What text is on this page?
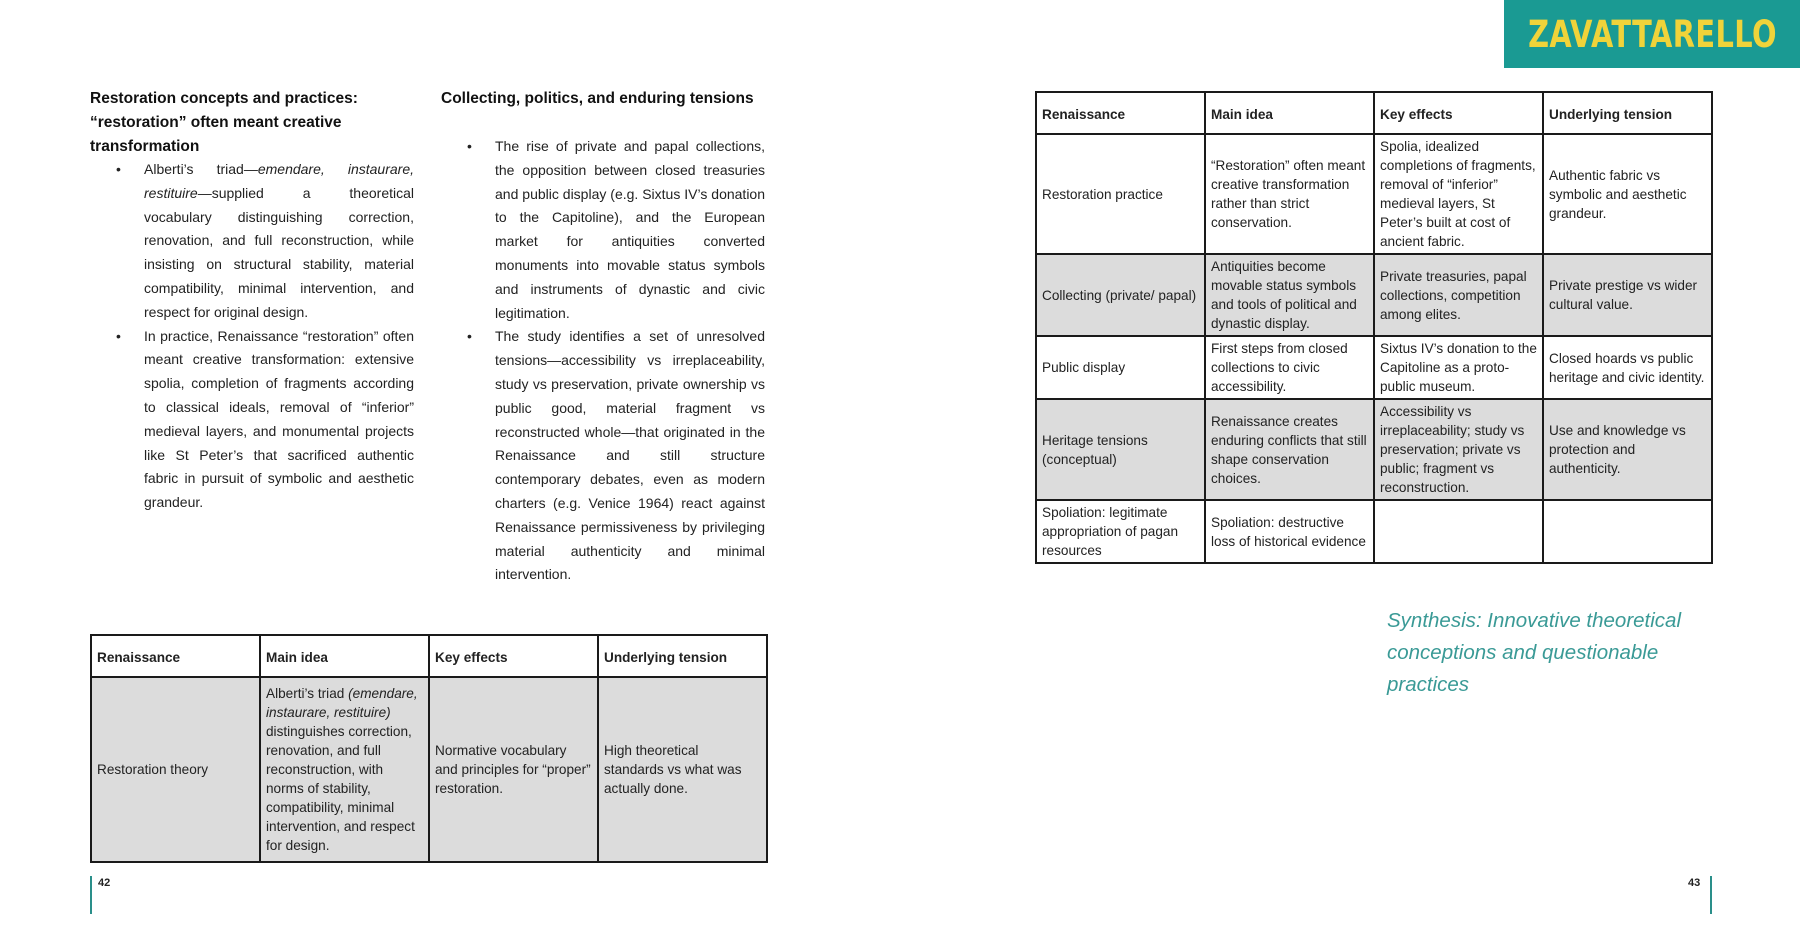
Restoration concepts and practices: “restoration” often meant creative transformation
• Alberti’s triad—emendare, instaurare, restituire—supplied a theoretical vocabulary distinguishing correction, renovation, and full reconstruction, while insisting on structural stability, material compatibility, minimal intervention, and respect for original design.
• In practice, Renaissance “restoration” often meant creative transformation: extensive spolia, completion of fragments according to classical ideals, removal of “inferior” medieval layers, and monumental projects like St Peter’s that sacrificed authentic fabric in pursuit of symbolic and aesthetic grandeur.
Collecting, politics, and enduring tensions
• The rise of private and papal collections, the opposition between closed treasuries and public display (e.g. Sixtus IV’s donation to the Capitoline), and the European market for antiquities converted monuments into movable status symbols and instruments of dynastic and civic legitimation.
• The study identifies a set of unresolved tensions—accessibility vs irreplaceability, study vs preservation, private ownership vs public good, material fragment vs reconstructed whole—that originated in the Renaissance and still structure contemporary debates, even as modern charters (e.g. Venice 1964) react against Renaissance permissiveness by privileging material authenticity and minimal intervention.
Renaissance	Main idea	Key effects	Underlying tension
Restoration theory	Alberti’s triad (emendare, instaurare, restituire) distinguishes correction, renovation, and full reconstruction, with norms of stability, compatibility, minimal intervention, and respect for design.	Normative vocabulary and principles for “proper” restoration.	High theoretical standards vs what was actually done.
42
Renaissance	Main idea	Key effects	Underlying tension
Restoration practice	“Restoration” often meant creative transformation rather than strict conservation.	Spolia, idealized completions of fragments, removal of “inferior” medieval layers, St Peter’s built at cost of ancient fabric.	Authentic fabric vs symbolic and aesthetic grandeur.
Collecting (private/ papal)	Antiquities become movable status symbols and tools of political and dynastic display.	Private treasuries, papal collections, competition among elites.	Private prestige vs wider cultural value.
Public display	First steps from closed collections to civic accessibility.	Sixtus IV’s donation to the Capitoline as a proto-public museum.	Closed hoards vs public heritage and civic identity.
Heritage tensions (conceptual)	Renaissance creates enduring conflicts that still shape conservation choices.	Accessibility vs irreplaceability; study vs preservation; private vs public; fragment vs reconstruction.	Use and knowledge vs protection and authenticity.
Spoliation: legitimate appropriation of pagan resources	Spoliation: destructive loss of historical evidence		
Synthesis: Innovative theoretical conceptions and questionable practices
43
ZAVATTARELLO
